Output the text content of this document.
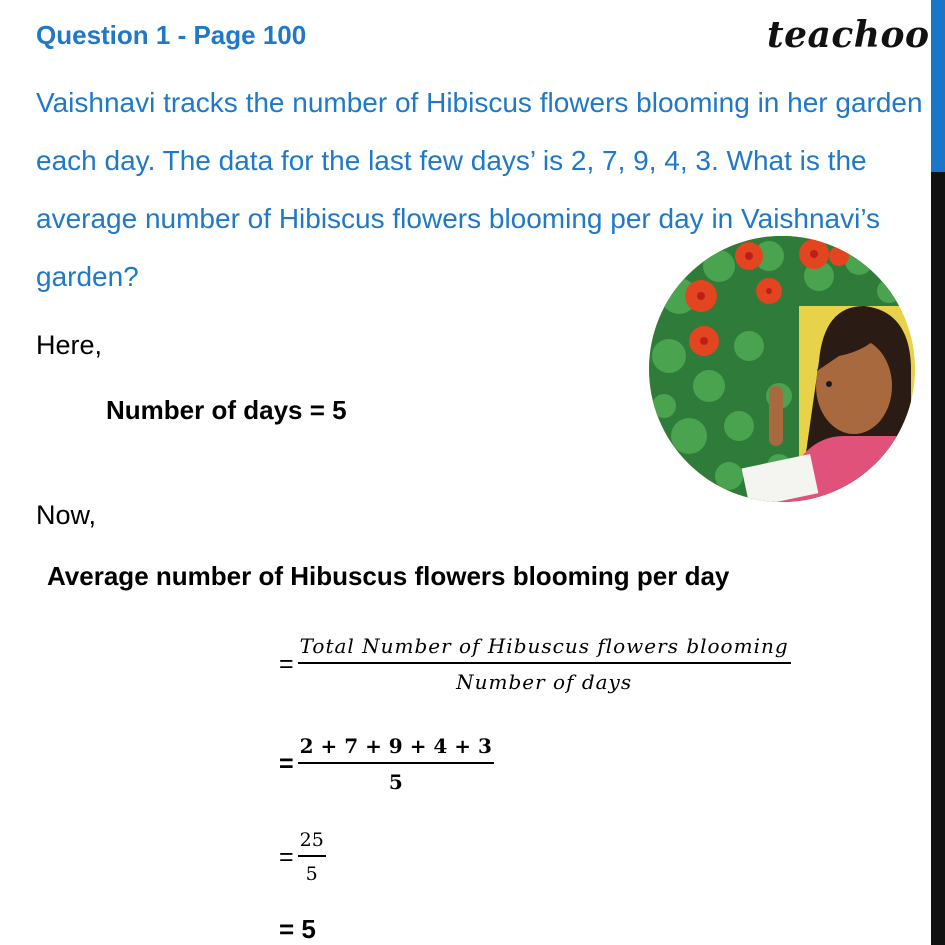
Question 1 - Page 100	teachoo
Vaishnavi tracks the number of Hibiscus flowers blooming in her garden each day. The data for the last few days’ is 2, 7, 9, 4, 3. What is the average number of Hibiscus flowers blooming per day in Vaishnavi’s garden?
Here,
Number of days = 5
Now,
Average number of Hibuscus flowers blooming per day
= $\frac{\text{Total Number of Hibuscus flowers blooming}}{\text{Number of days}}$
= $\frac{2 + 7 + 9 + 4 + 3}{5}$
= $\frac{25}{5}$
= 5
